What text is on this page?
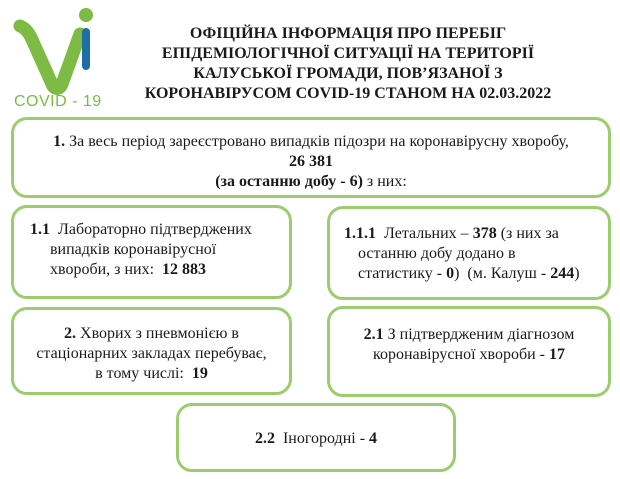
COVID - 19
ОФІЦІЙНА ІНФОРМАЦІЯ ПРО ПЕРЕБІГ
ЕПІДЕМІОЛОГІЧНОЇ СИТУАЦІЇ НА ТЕРИТОРІЇ
КАЛУСЬКОЇ ГРОМАДИ, ПОВ’ЯЗАНОЇ З
КОРОНАВІРУСОМ COVID-19 СТАНОМ НА 02.03.2022
1. За весь період зареєстровано випадків підозри на коронавірусну хворобу,
26 381
(за останню добу - 6) з них:
1.1 Лабораторно підтверджених
випадків коронавірусної
хвороби, з них: 12 883
1.1.1 Летальних – 378 (з них за
останню добу додано в
статистику - 0) (м. Калуш - 244)
2. Хворих з пневмонією в
стаціонарних закладах перебуває,
в тому числі: 19
2.1 З підтвердженим діагнозом
коронавірусної хвороби - 17
2.2 Іногородні - 4
